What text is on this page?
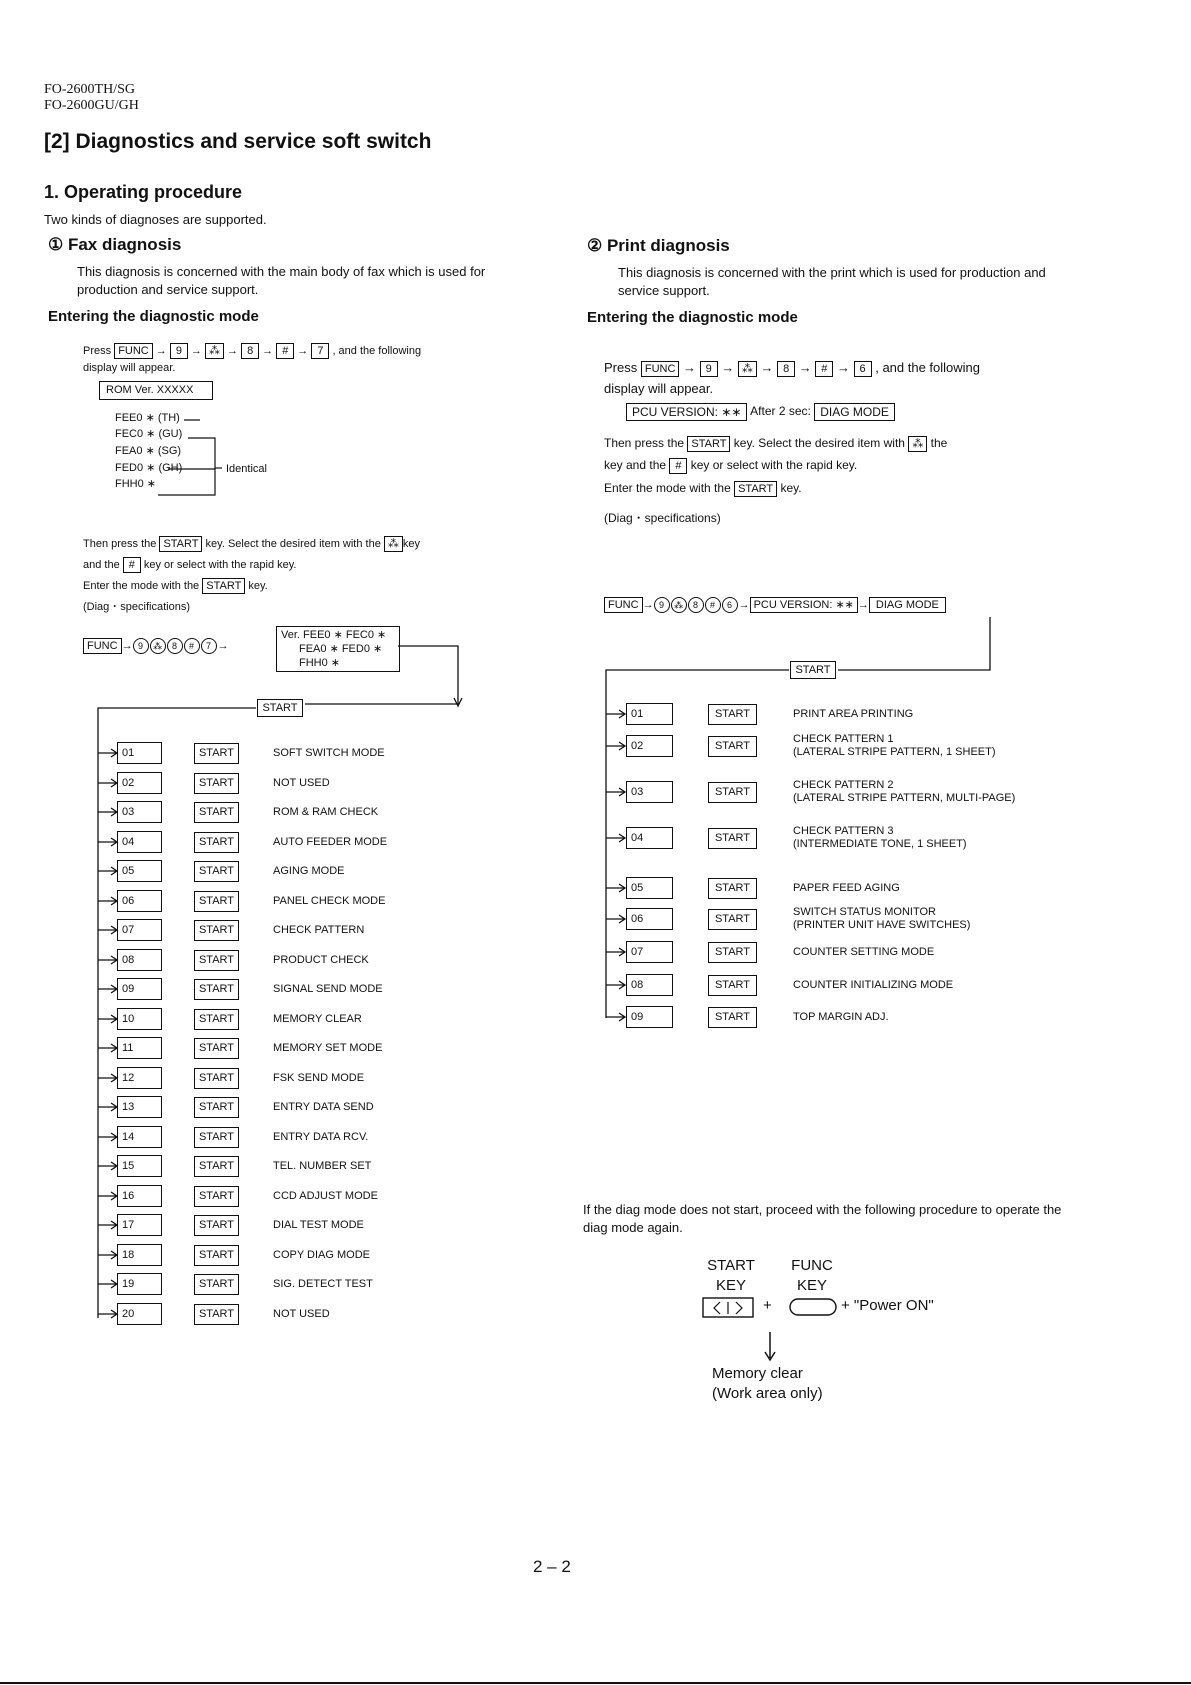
FO-2600TH/SG
FO-2600GU/GH
[2] Diagnostics and service soft switch
1. Operating procedure
Two kinds of diagnoses are supported.
① Fax diagnosis
This diagnosis is concerned with the main body of fax which is used for production and service support.
Entering the diagnostic mode
Press FUNC → 9 → ⁂ → 8 → # → 7 , and the following
display will appear.
ROM Ver. XXXXX
FEE0 ∗ (TH)
FEC0 ∗ (GU)
FEA0 ∗ (SG)
FED0 ∗ (GH)
FHH0 ∗
Identical
Then press the START key. Select the desired item with the ⁂ key
and the # key or select with the rapid key.
Enter the mode with the START key.
(Diag・specifications)
FUNC → 9 ⁂ 8 # 7 →
Ver. FEE0 ∗ FEC0 ∗
FEA0 ∗ FED0 ∗
FHH0 ∗
START
01	START	SOFT SWITCH MODE
02	START	NOT USED
03	START	ROM & RAM CHECK
04	START	AUTO FEEDER MODE
05	START	AGING MODE
06	START	PANEL CHECK MODE
07	START	CHECK PATTERN
08	START	PRODUCT CHECK
09	START	SIGNAL SEND MODE
10	START	MEMORY CLEAR
11	START	MEMORY SET MODE
12	START	FSK SEND MODE
13	START	ENTRY DATA SEND
14	START	ENTRY DATA RCV.
15	START	TEL. NUMBER SET
16	START	CCD ADJUST MODE
17	START	DIAL TEST MODE
18	START	COPY DIAG MODE
19	START	SIG. DETECT TEST
20	START	NOT USED
② Print diagnosis
This diagnosis is concerned with the print which is used for production and service support.
Entering the diagnostic mode
Press FUNC → 9 → ⁂ → 8 → # → 6 , and the following
display will appear.
PCU VERSION: ∗∗ After 2 sec: DIAG MODE
Then press the START key. Select the desired item with ⁂ the
key and the # key or select with the rapid key.
Enter the mode with the START key.
(Diag・specifications)
FUNC → 9 ⁂ 8 # 6 → PCU VERSION: ∗∗ → DIAG MODE
START
01	START	PRINT AREA PRINTING
02	START
CHECK PATTERN 1
(LATERAL STRIPE PATTERN, 1 SHEET)
03	START
CHECK PATTERN 2
(LATERAL STRIPE PATTERN, MULTI-PAGE)
04	START
CHECK PATTERN 3
(INTERMEDIATE TONE, 1 SHEET)
05	START	PAPER FEED AGING
06	START
SWITCH STATUS MONITOR
(PRINTER UNIT HAVE SWITCHES)
07	START	COUNTER SETTING MODE
08	START	COUNTER INITIALIZING MODE
09	START	TOP MARGIN ADJ.
If the diag mode does not start, proceed with the following procedure to operate the diag mode again.
START KEY
FUNC KEY
+	+ "Power ON"
Memory clear
(Work area only)
2 – 2
